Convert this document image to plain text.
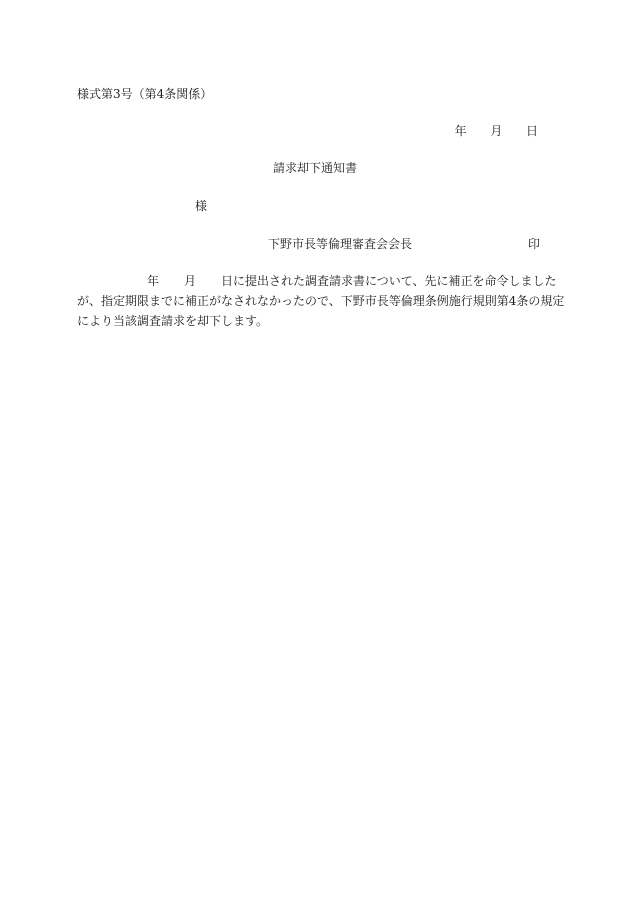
様式第3号（第4条関係）
年 月 日
請求却下通知書
様
下野市長等倫理審査会会長	印
年 月 日に提出された調査請求書について、先に補正を命令しました
が、指定期限までに補正がなされなかったので、下野市長等倫理条例施行規則第4条の規定
により当該調査請求を却下します。
